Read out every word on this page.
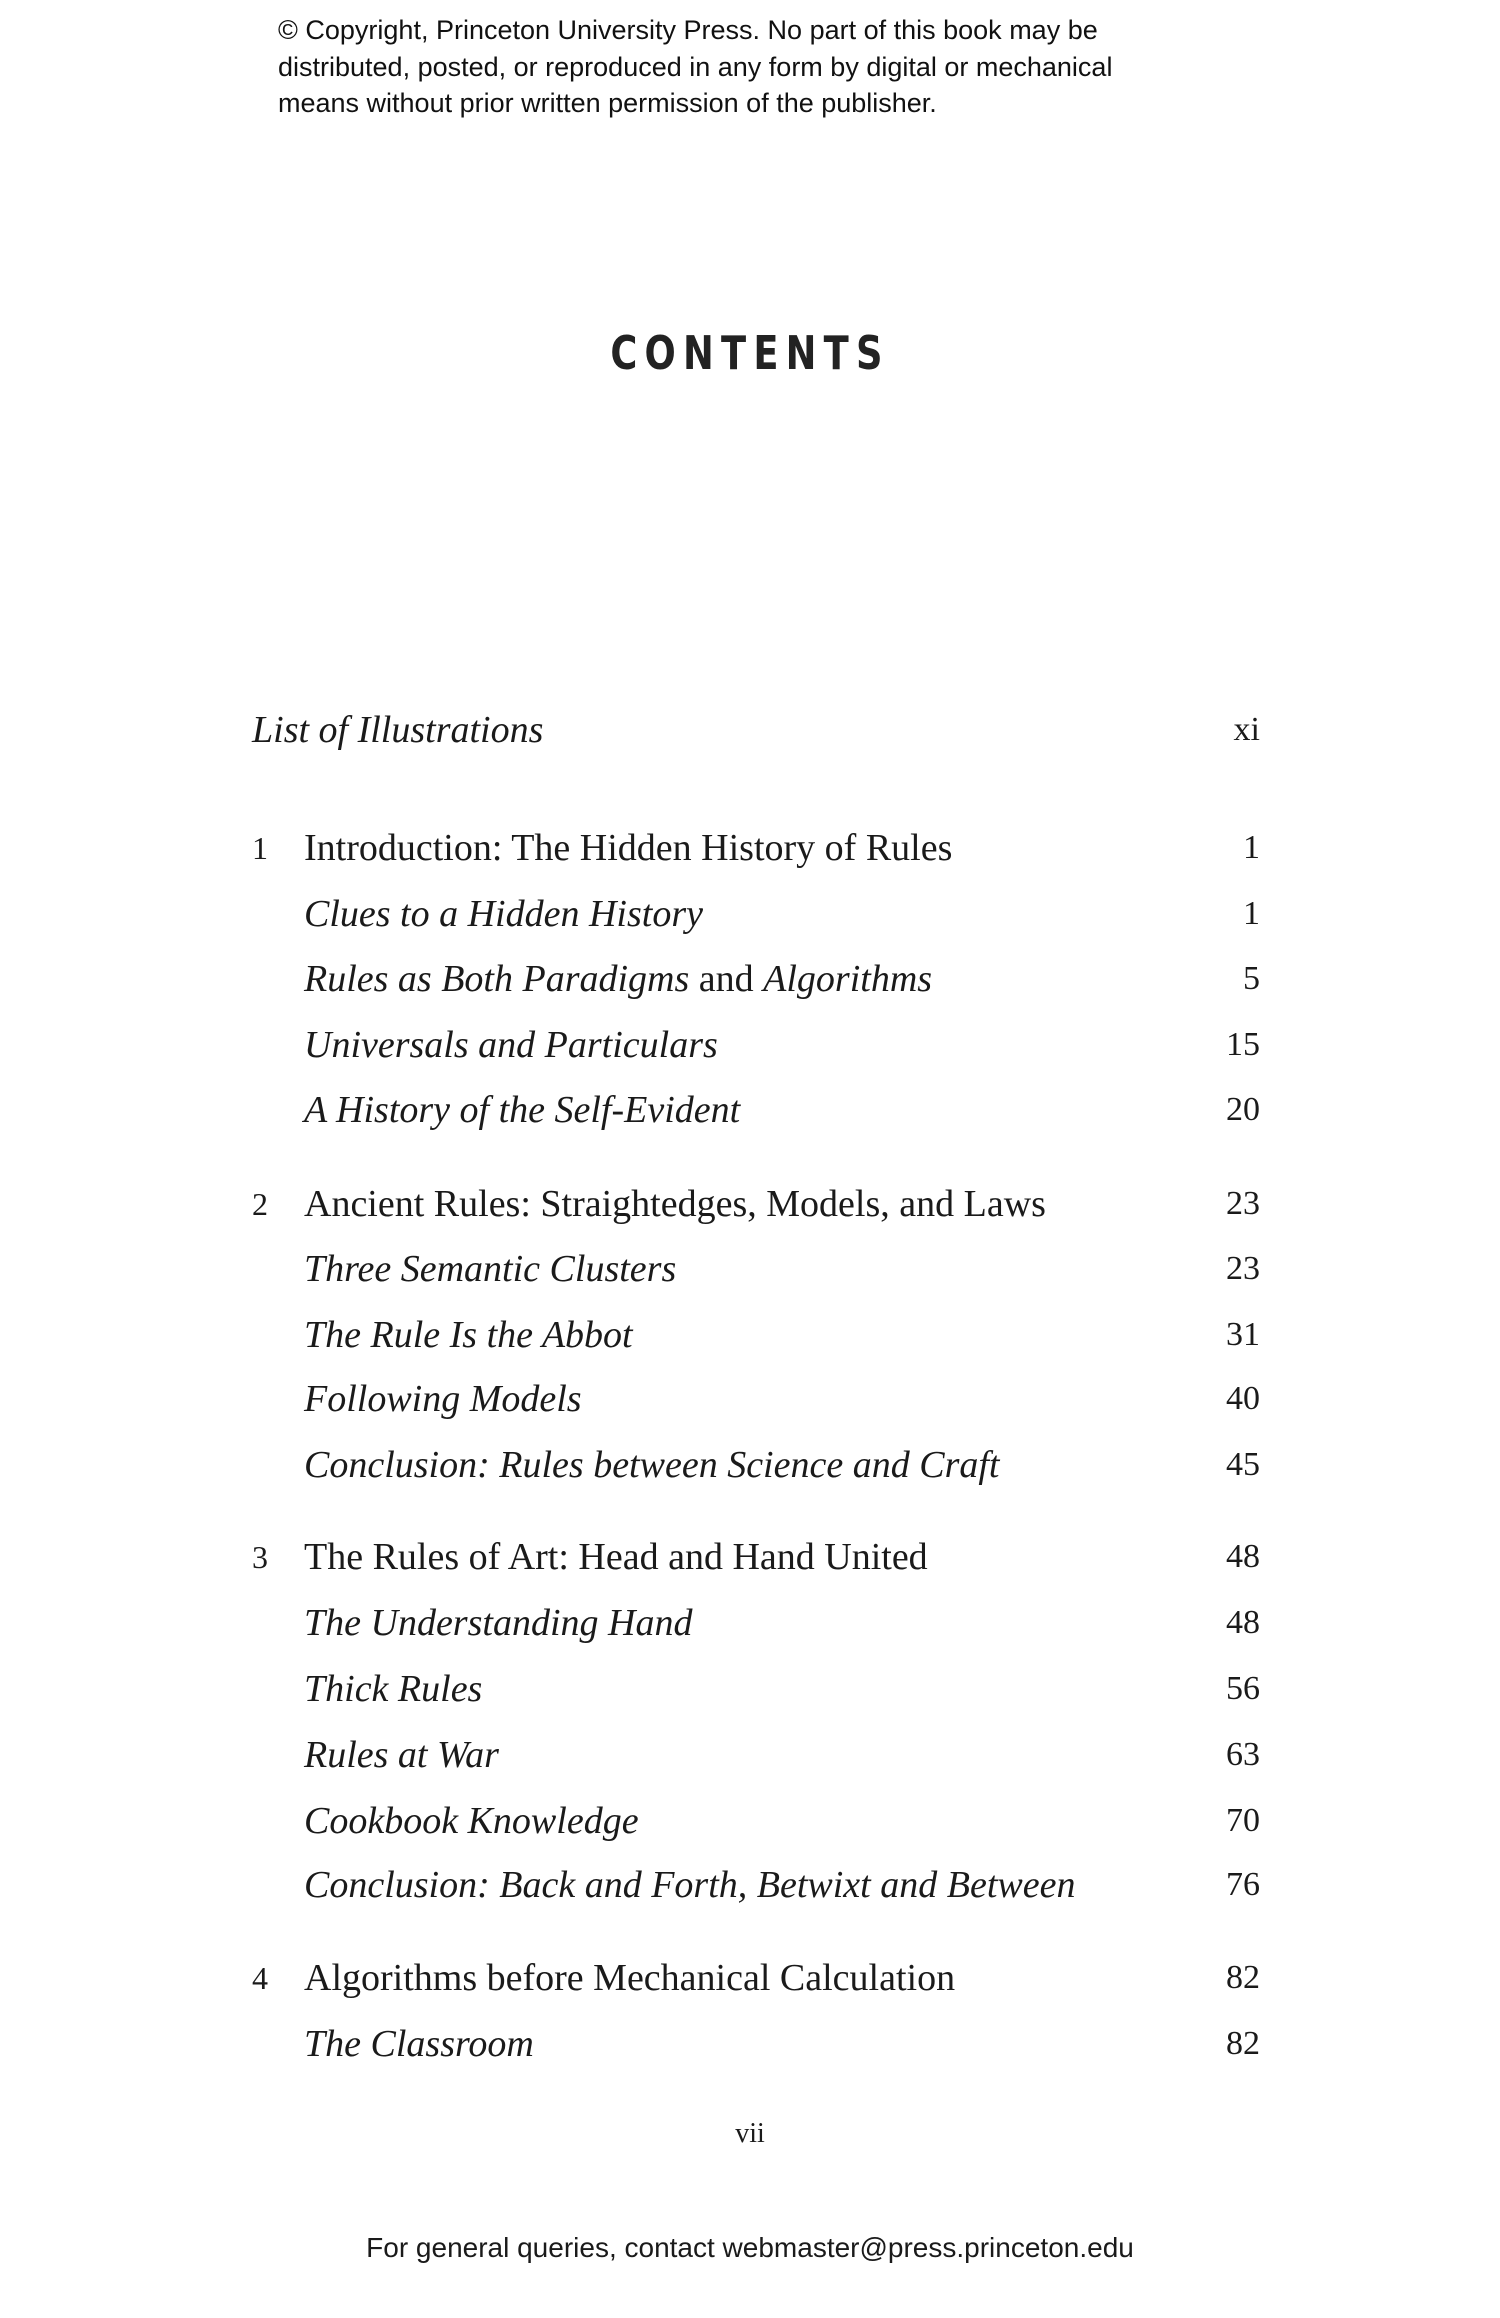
© Copyright, Princeton University Press. No part of this book may be
distributed, posted, or reproduced in any form by digital or mechanical
means without prior written permission of the publisher.
CONTENTS
List of Illustrations	xi
1 Introduction: The Hidden History of Rules	1
Clues to a Hidden History	1
Rules as Both Paradigms and Algorithms	5
Universals and Particulars	15
A History of the Self-Evident	20
2 Ancient Rules: Straightedges, Models, and Laws	23
Three Semantic Clusters	23
The Rule Is the Abbot	31
Following Models	40
Conclusion: Rules between Science and Craft	45
3 The Rules of Art: Head and Hand United	48
The Understanding Hand	48
Thick Rules	56
Rules at War	63
Cookbook Knowledge	70
Conclusion: Back and Forth, Betwixt and Between	76
4 Algorithms before Mechanical Calculation	82
The Classroom	82
vii
For general queries, contact webmaster@press.princeton.edu
